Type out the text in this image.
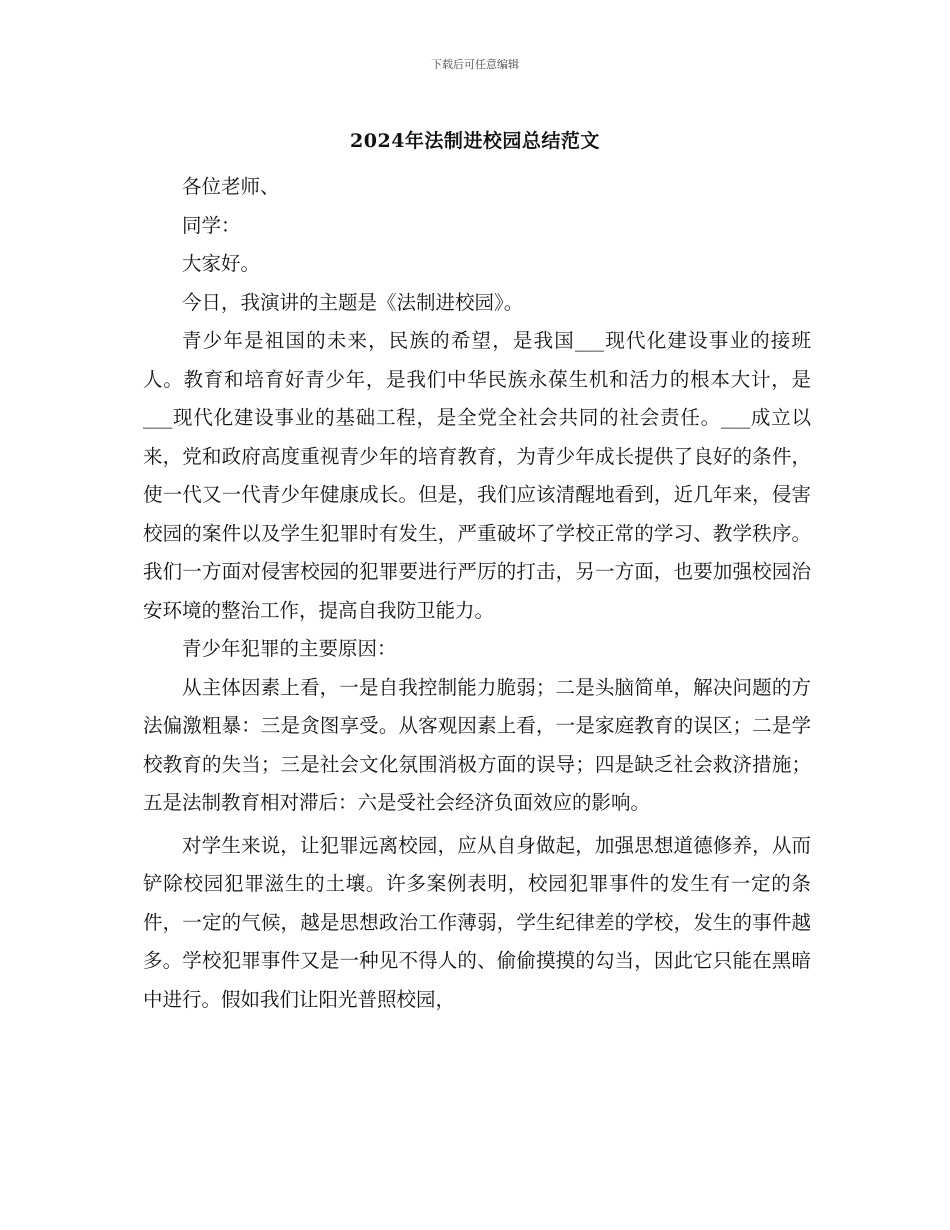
下载后可任意编辑
2024年法制进校园总结范文

各位老师、

同学：

大家好。

今日，我演讲的主题是《法制进校园》。

青少年是祖国的未来，民族的希望，是我国___现代化建设事业的接班人。教育和培育好青少年，是我们中华民族永葆生机和活力的根本大计，是___现代化建设事业的基础工程，是全党全社会共同的社会责任。___成立以来，党和政府高度重视青少年的培育教育，为青少年成长提供了良好的条件，使一代又一代青少年健康成长。但是，我们应该清醒地看到，近几年来，侵害校园的案件以及学生犯罪时有发生，严重破坏了学校正常的学习、教学秩序。我们一方面对侵害校园的犯罪要进行严厉的打击，另一方面，也要加强校园治安环境的整治工作，提高自我防卫能力。

青少年犯罪的主要原因：

从主体因素上看，一是自我控制能力脆弱；二是头脑简单，解决问题的方法偏激粗暴：三是贪图享受。从客观因素上看，一是家庭教育的误区；二是学校教育的失当；三是社会文化氛围消极方面的误导；四是缺乏社会救济措施；五是法制教育相对滞后：六是受社会经济负面效应的影响。

对学生来说，让犯罪远离校园，应从自身做起，加强思想道德修养，从而铲除校园犯罪滋生的土壤。许多案例表明，校园犯罪事件的发生有一定的条件，一定的气候，越是思想政治工作薄弱，学生纪律差的学校，发生的事件越多。学校犯罪事件又是一种见不得人的、偷偷摸摸的勾当，因此它只能在黑暗中进行。假如我们让阳光普照校园，
